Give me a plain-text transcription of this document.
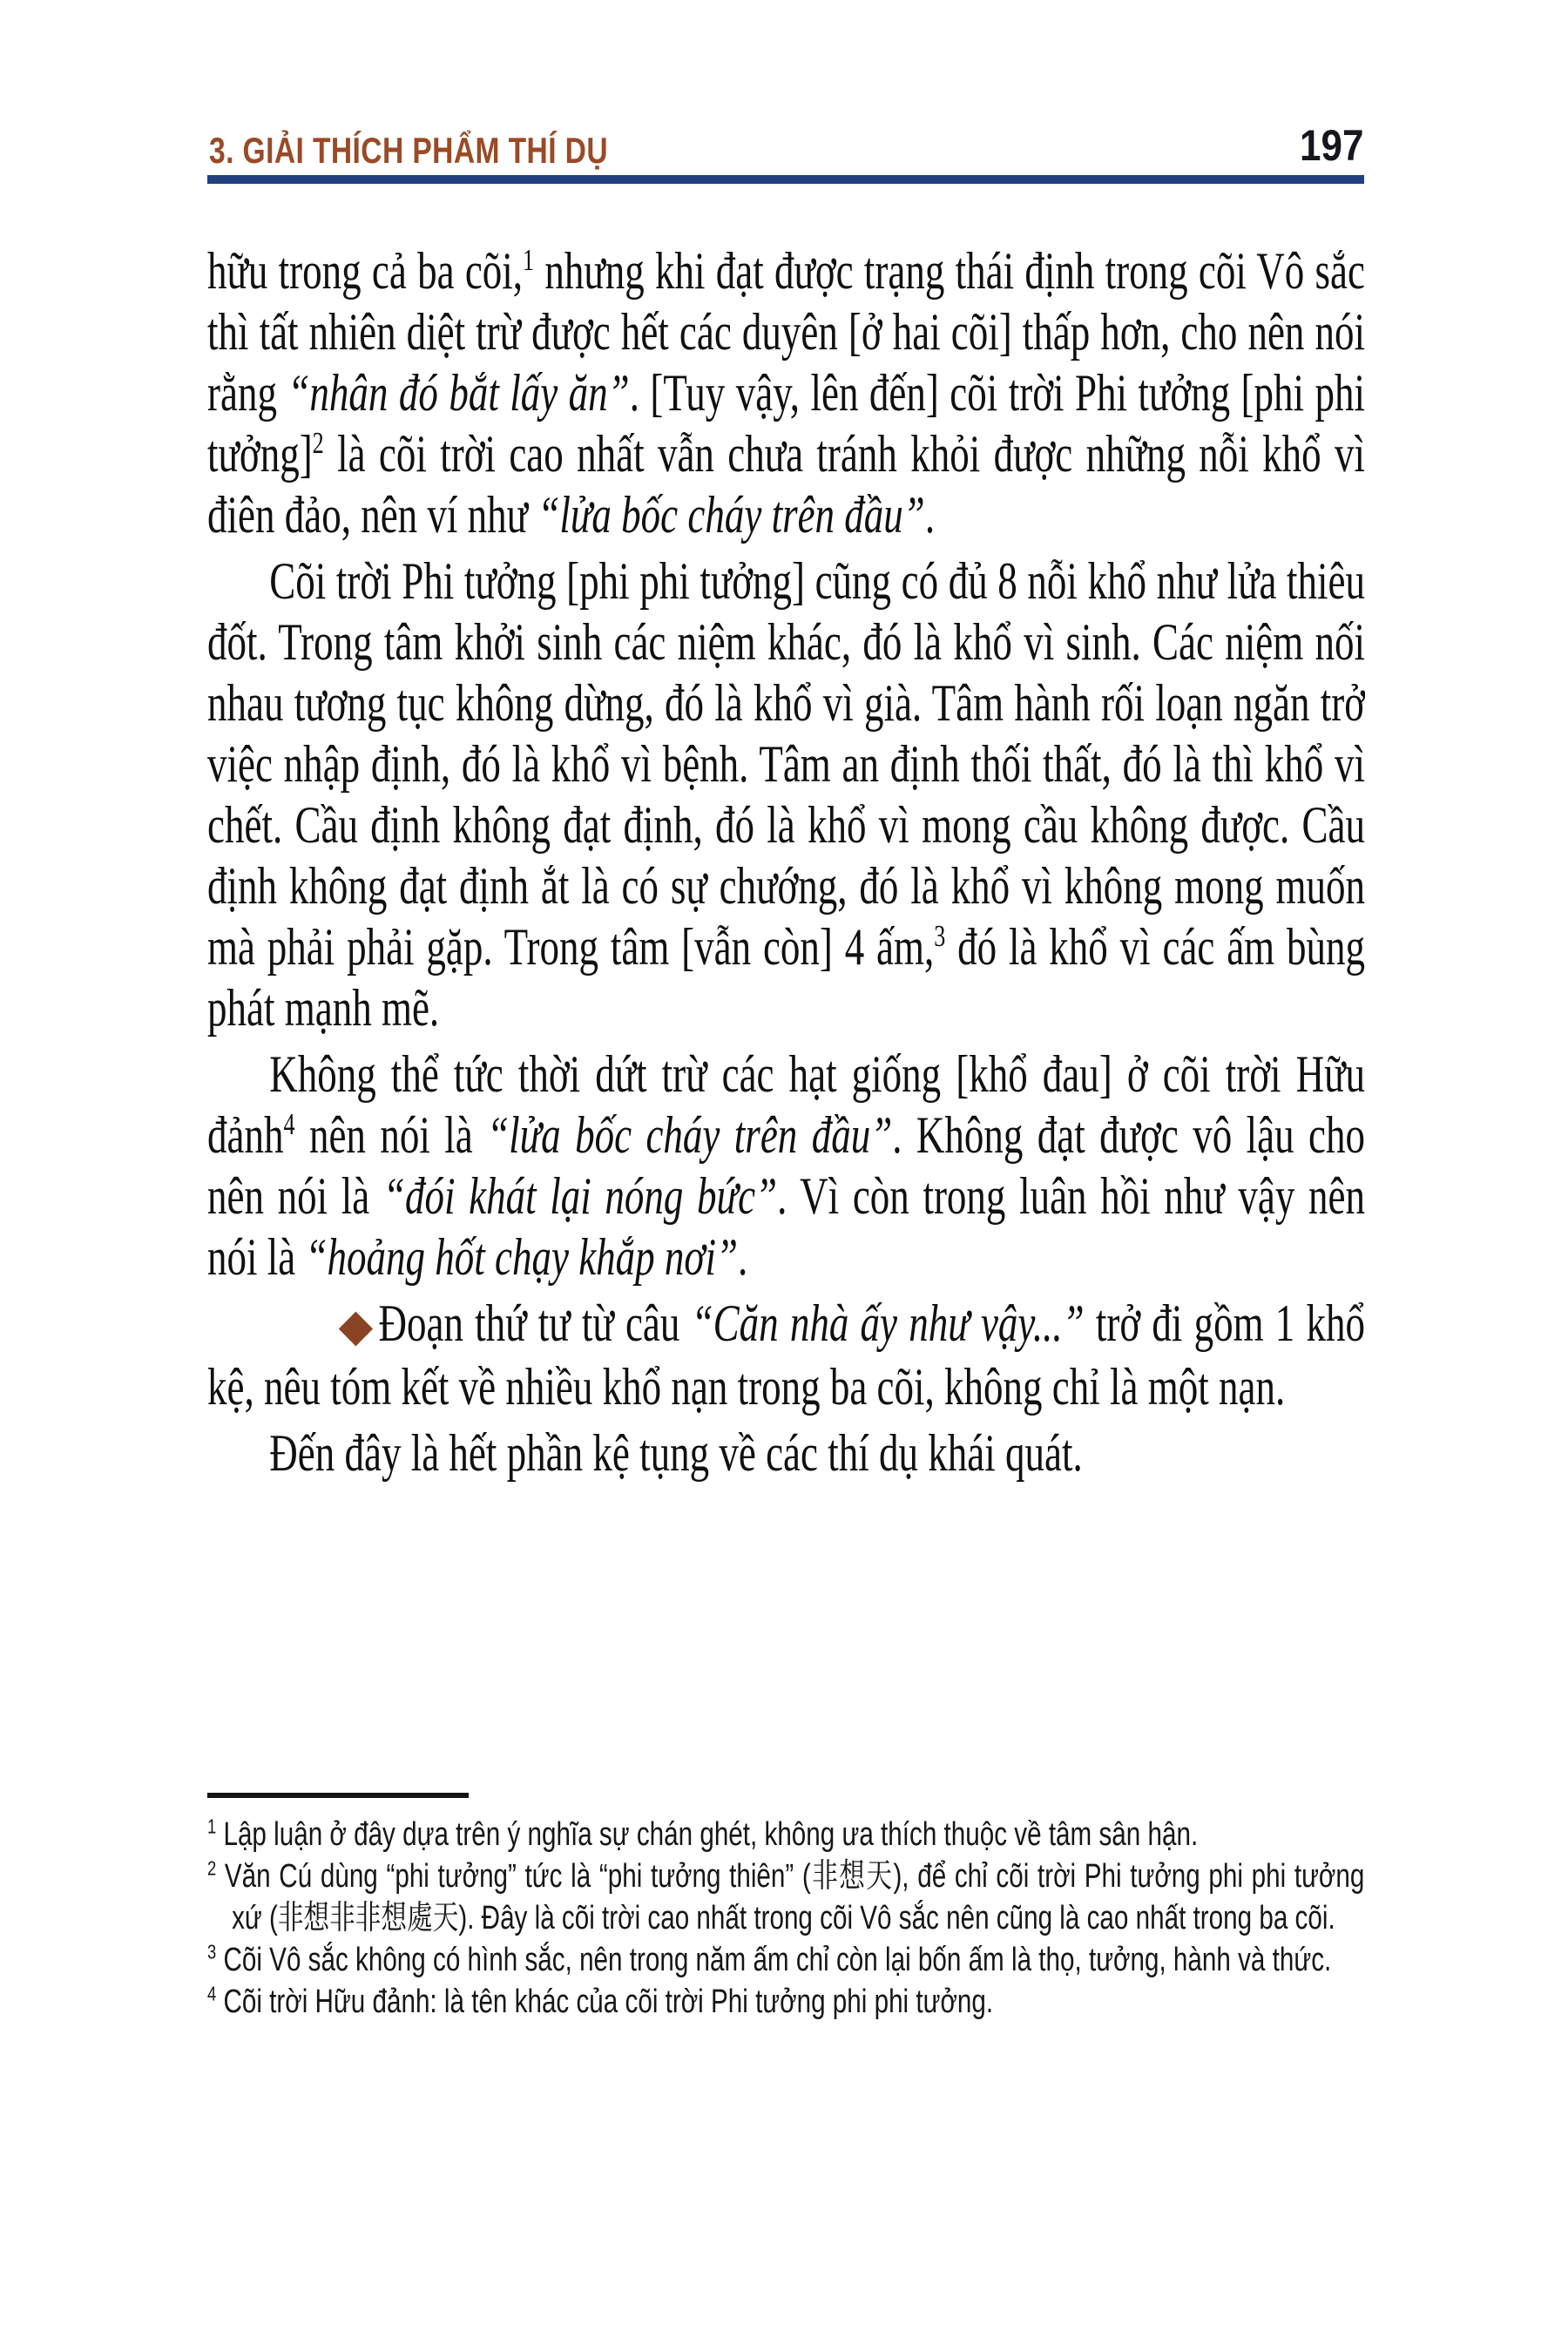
3. GIẢI THÍCH PHẨM THÍ DỤ	197

hữu trong cả ba cõi,$^1$ nhưng khi đạt được trạng thái định trong cõi Vô sắc thì tất nhiên diệt trừ được hết các duyên [ở hai cõi] thấp hơn, cho nên nói rằng “nhân đó bắt lấy ăn”. [Tuy vậy, lên đến] cõi trời Phi tưởng [phi phi tưởng]$^2$ là cõi trời cao nhất vẫn chưa tránh khỏi được những nỗi khổ vì điên đảo, nên ví như “lửa bốc cháy trên đầu”.

Cõi trời Phi tưởng [phi phi tưởng] cũng có đủ 8 nỗi khổ như lửa thiêu đốt. Trong tâm khởi sinh các niệm khác, đó là khổ vì sinh. Các niệm nối nhau tương tục không dừng, đó là khổ vì già. Tâm hành rối loạn ngăn trở việc nhập định, đó là khổ vì bệnh. Tâm an định thối thất, đó là thì khổ vì chết. Cầu định không đạt định, đó là khổ vì mong cầu không được. Cầu định không đạt định ắt là có sự chướng, đó là khổ vì không mong muốn mà phải phải gặp. Trong tâm [vẫn còn] 4 ấm,$^3$ đó là khổ vì các ấm bùng phát mạnh mẽ.

Không thể tức thời dứt trừ các hạt giống [khổ đau] ở cõi trời Hữu đảnh$^4$ nên nói là “lửa bốc cháy trên đầu”. Không đạt được vô lậu cho nên nói là “đói khát lại nóng bức”. Vì còn trong luân hồi như vậy nên nói là “hoảng hốt chạy khắp nơi”.

◆ Đoạn thứ tư từ câu “Căn nhà ấy như vậy...” trở đi gồm 1 khổ kệ, nêu tóm kết về nhiều khổ nạn trong ba cõi, không chỉ là một nạn.

Đến đây là hết phần kệ tụng về các thí dụ khái quát.

$^1$ Lập luận ở đây dựa trên ý nghĩa sự chán ghét, không ưa thích thuộc về tâm sân hận.

$^2$ Văn Cú dùng “phi tưởng” tức là “phi tưởng thiên” (非想天), để chỉ cõi trời Phi tưởng phi phi tưởng xứ (非想非非想處天). Đây là cõi trời cao nhất trong cõi Vô sắc nên cũng là cao nhất trong ba cõi.

$^3$ Cõi Vô sắc không có hình sắc, nên trong năm ấm chỉ còn lại bốn ấm là thọ, tưởng, hành và thức.

$^4$ Cõi trời Hữu đảnh: là tên khác của cõi trời Phi tưởng phi phi tưởng.
